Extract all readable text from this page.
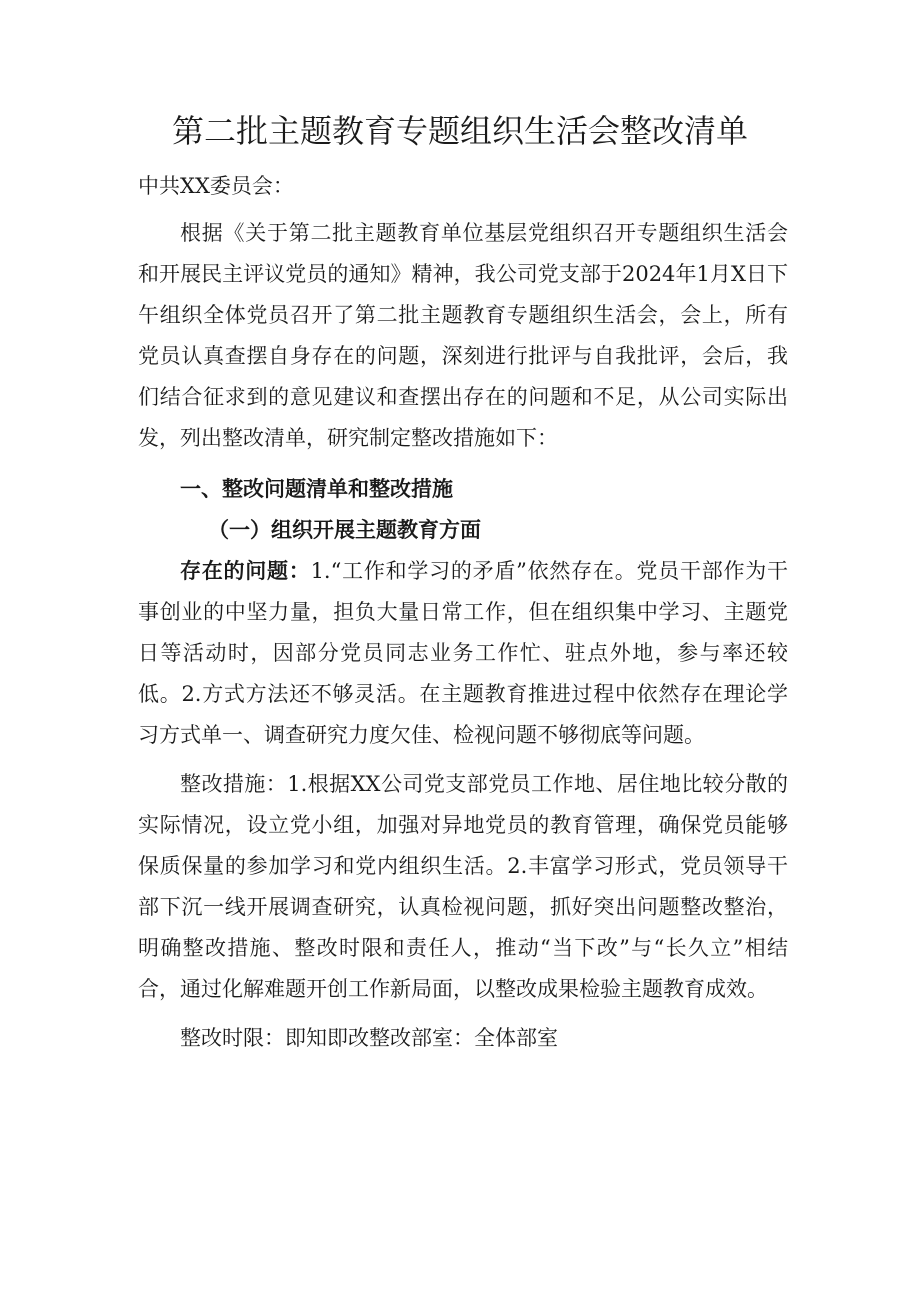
第二批主题教育专题组织生活会整改清单

中共XX委员会：

根据《关于第二批主题教育单位基层党组织召开专题组织生活会和开展民主评议党员的通知》精神，我公司党支部于2024年1月X日下午组织全体党员召开了第二批主题教育专题组织生活会，会上，所有党员认真查摆自身存在的问题，深刻进行批评与自我批评，会后，我们结合征求到的意见建议和查摆出存在的问题和不足，从公司实际出发，列出整改清单，研究制定整改措施如下：

一、整改问题清单和整改措施

（一）组织开展主题教育方面

存在的问题：1.“工作和学习的矛盾”依然存在。党员干部作为干事创业的中坚力量，担负大量日常工作，但在组织集中学习、主题党日等活动时，因部分党员同志业务工作忙、驻点外地，参与率还较低。2.方式方法还不够灵活。在主题教育推进过程中依然存在理论学习方式单一、调查研究力度欠佳、检视问题不够彻底等问题。

整改措施：1.根据XX公司党支部党员工作地、居住地比较分散的实际情况，设立党小组，加强对异地党员的教育管理，确保党员能够保质保量的参加学习和党内组织生活。2.丰富学习形式，党员领导干部下沉一线开展调查研究，认真检视问题，抓好突出问题整改整治，明确整改措施、整改时限和责任人，推动“当下改”与“长久立”相结合，通过化解难题开创工作新局面，以整改成果检验主题教育成效。

整改时限：即知即改整改部室：全体部室
